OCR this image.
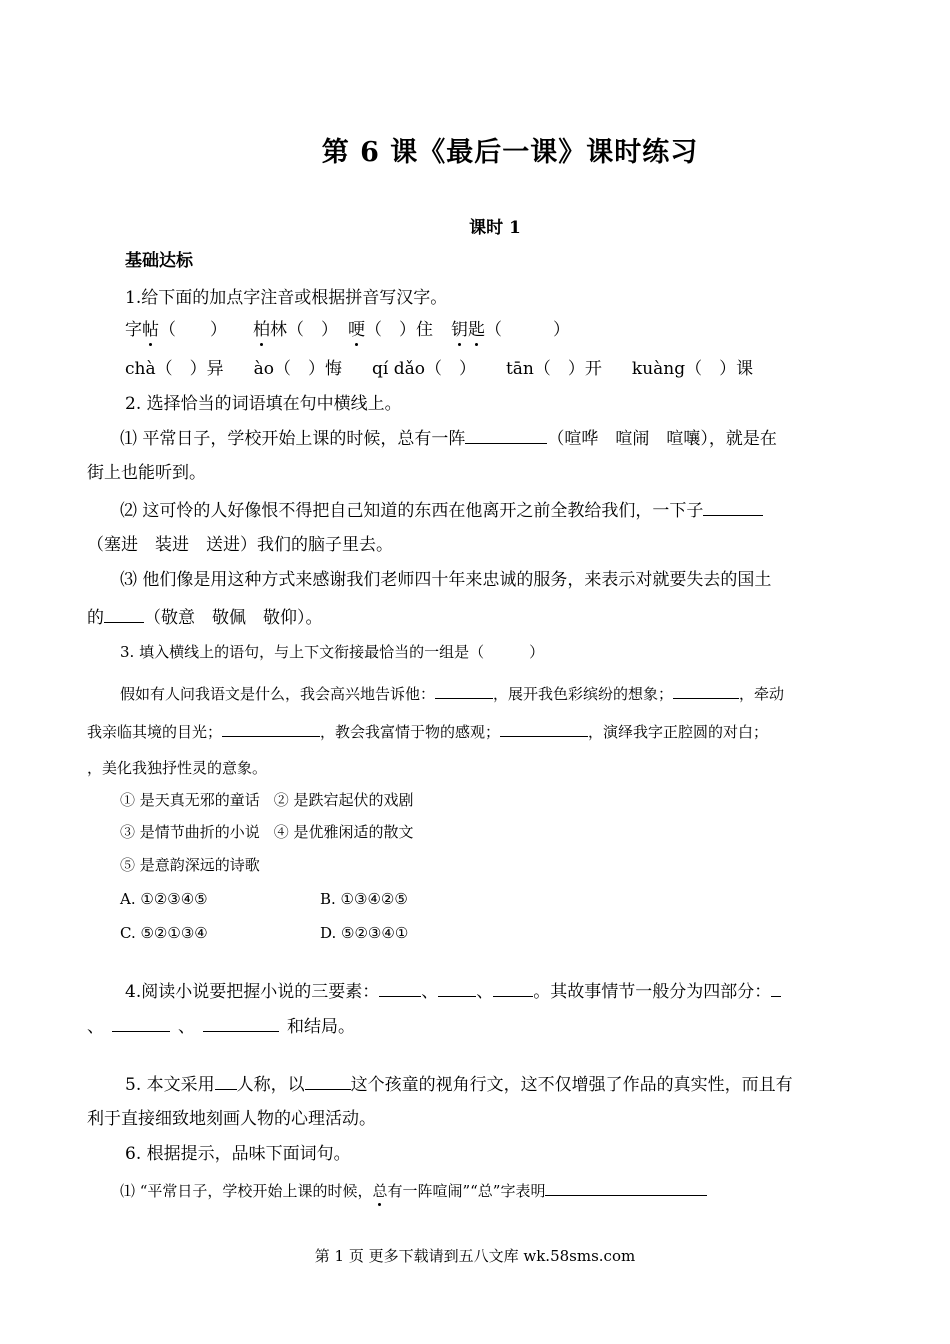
第 6 课《最后一课》课时练习
课时 1
基础达标
1.给下面的加点字注音或根据拼音写汉字。
字帖（　　） 柏林（　） 哽（　）住 钥匙（　　　）
chà（　）异 ào（　）悔 qí dǎo（　） tān（　）开 kuàng（　）课
2. 选择恰当的词语填在句中横线上。
⑴ 平常日子，学校开始上课的时候，总有一阵	（喧哗　喧闹　喧嚷），就是在
街上也能听到。
⑵ 这可怜的人好像恨不得把自己知道的东西在他离开之前全教给我们，一下子
（塞进　装进　送进）我们的脑子里去。
⑶ 他们像是用这种方式来感谢我们老师四十年来忠诚的服务，来表示对就要失去的国土
的 （敬意　敬佩　敬仰）。
3. 填入横线上的语句，与上下文衔接最恰当的一组是（　　　）
假如有人问我语文是什么，我会高兴地告诉他：	，展开我色彩缤纷的想象；	，牵动
我亲临其境的目光；	，教会我富情于物的感观；	，演绎我字正腔圆的对白；
，美化我独抒性灵的意象。
① 是天真无邪的童话 ② 是跌宕起伏的戏剧
③ 是情节曲折的小说 ④ 是优雅闲适的散文
⑤ 是意韵深远的诗歌
A. ①②③④⑤	B. ①③④②⑤
C. ⑤②①③④	D. ⑤②③④①
4.阅读小说要把握小说的三要素： 、 、 。其故事情节一般分为四部分：
、	、	和结局。
5. 本文采用 人称，以	这个孩童的视角行文，这不仅增强了作品的真实性，而且有
利于直接细致地刻画人物的心理活动。
6. 根据提示，品味下面词句。
⑴ “平常日子，学校开始上课的时候，总有一阵喧闹”“总”字表明
第 1 页 更多下载请到五八文库 wk.58sms.com
